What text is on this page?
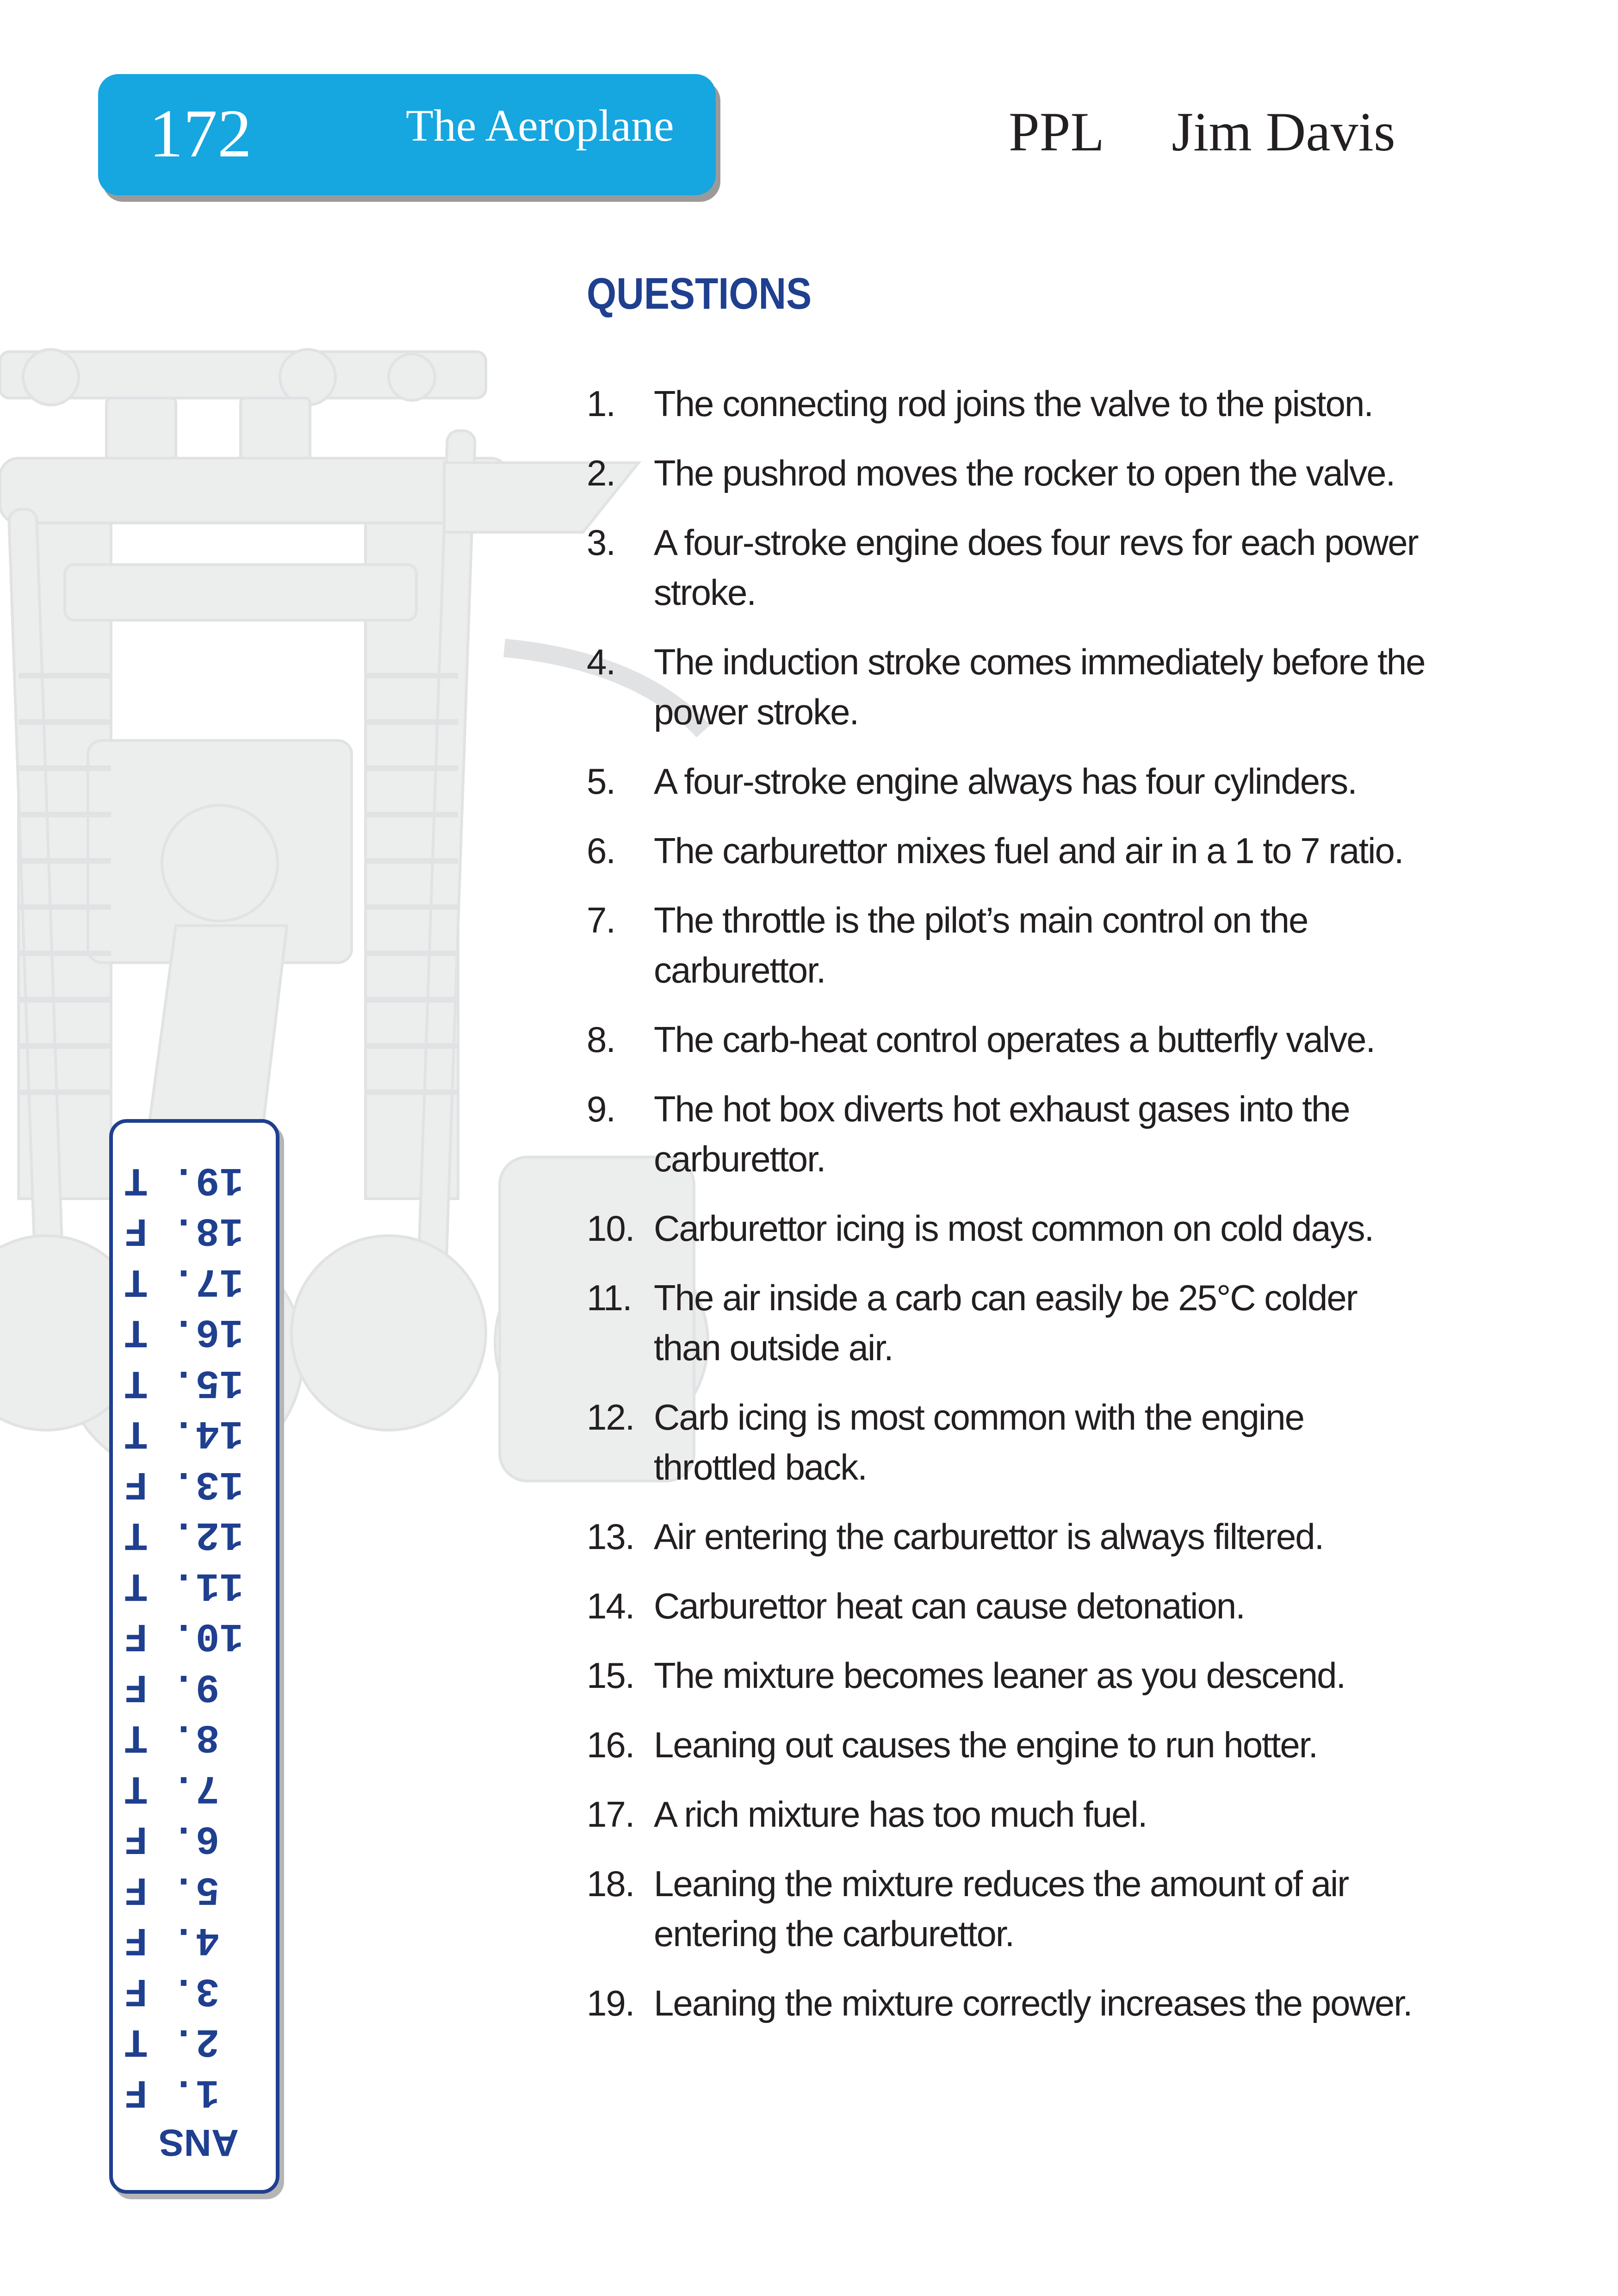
172	The Aeroplane	PPL     Jim Davis
QUESTIONS
1. The connecting rod joins the valve to the piston.
2. The pushrod moves the rocker to open the valve.
3. A four-stroke engine does four revs for each power stroke.
4. The induction stroke comes immediately before the power stroke.
5. A four-stroke engine always has four cylinders.
6. The carburettor mixes fuel and air in a 1 to 7 ratio.
7. The throttle is the pilot’s main control on the carburettor.
8. The carb-heat control operates a butterfly valve.
9. The hot box diverts hot exhaust gases into the carburettor.
10. Carburettor icing is most common on cold days.
11. The air inside a carb can easily be 25°C colder than outside air.
12. Carb icing is most common with the engine throttled back.
13. Air entering the carburettor is always filtered.
14. Carburettor heat can cause detonation.
15. The mixture becomes leaner as you descend.
16. Leaning out causes the engine to run hotter.
17. A rich mixture has too much fuel.
18. Leaning the mixture reduces the amount of air entering the carburettor.
19. Leaning the mixture correctly increases the power.
ANS
1. F
2. T
3. F
4. F
5. F
6. F
7. T
8. T
9. F
10. F
11. T
12. T
13. F
14. T
15. T
16. T
17. T
18. F
19. T
